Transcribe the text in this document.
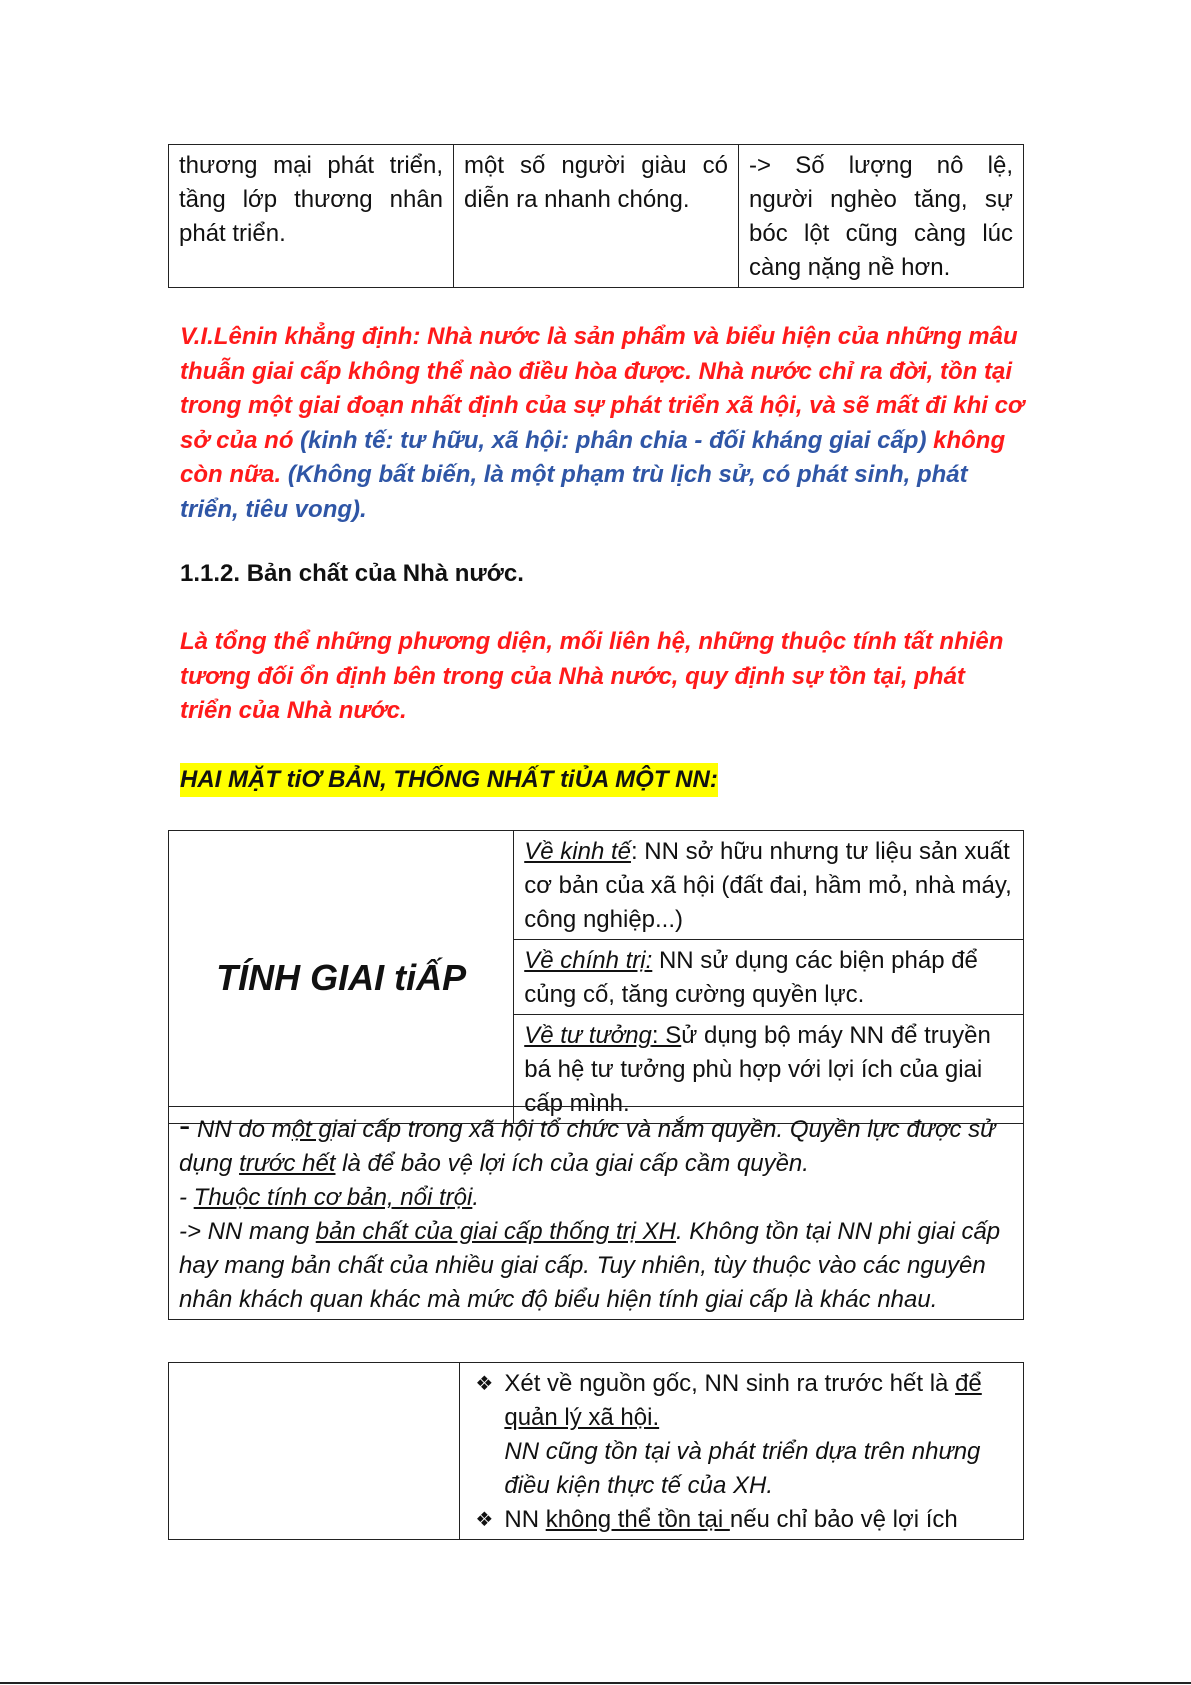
thương mại phát triển, tầng lớp thương nhân phát triển.	một số người giàu có diễn ra nhanh chóng.	-> Số lượng nô lệ, người nghèo tăng, sự bóc lột cũng càng lúc càng nặng nề hơn.
V.I.Lênin khẳng định: Nhà nước là sản phẩm và biểu hiện của những mâu thuẫn giai cấp không thể nào điều hòa được. Nhà nước chỉ ra đời, tồn tại trong một giai đoạn nhất định của sự phát triển xã hội, và sẽ mất đi khi cơ sở của nó (kinh tế: tư hữu, xã hội: phân chia - đối kháng giai cấp) không còn nữa. (Không bất biến, là một phạm trù lịch sử, có phát sinh, phát triển, tiêu vong).
1.1.2. Bản chất của Nhà nước.
Là tổng thể những phương diện, mối liên hệ, những thuộc tính tất nhiên tương đối ổn định bên trong của Nhà nước, quy định sự tồn tại, phát triển của Nhà nước.
HAI MẶT tiƠ BẢN, THỐNG NHẤT tiỦA MỘT NN:
TÍNH GIAI tiẤP	Về kinh tế: NN sở hữu nhưng tư liệu sản xuất cơ bản của xã hội (đất đai, hầm mỏ, nhà máy, công nghiệp...)
Về chính trị: NN sử dụng các biện pháp để củng cố, tăng cường quyền lực.
Về tư tưởng: Sử dụng bộ máy NN để truyền bá hệ tư tưởng phù hợp với lợi ích của giai cấp mình.
- NN do một giai cấp trong xã hội tổ chức và nắm quyền. Quyền lực được sử dụng trước hết là để bảo vệ lợi ích của giai cấp cầm quyền.
- Thuộc tính cơ bản, nổi trội.
-> NN mang bản chất của giai cấp thống trị XH. Không tồn tại NN phi giai cấp hay mang bản chất của nhiều giai cấp. Tuy nhiên, tùy thuộc vào các nguyên nhân khách quan khác mà mức độ biểu hiện tính giai cấp là khác nhau.

❖ Xét về nguồn gốc, NN sinh ra trước hết là để quản lý xã hội.
NN cũng tồn tại và phát triển dựa trên nhưng điều kiện thực tế của XH.
❖ NN không thể tồn tại nếu chỉ bảo vệ lợi ích
